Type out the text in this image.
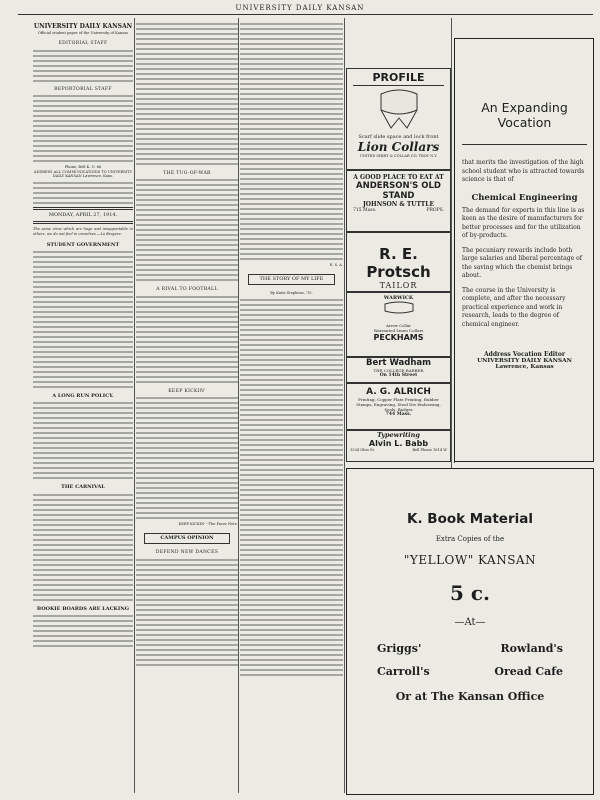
UNIVERSITY DAILY KANSAN
UNIVERSITY DAILY KANSAN
Official student paper of the University of Kansas
EDITORIAL STAFF
REPORTORIAL STAFF
Phone, Bell K. U. 66
ADDRESS ALL COMMUNICATIONS TO UNIVERSITY DAILY KANSAN Lawrence, Kans.
MONDAY, APRIL 27, 1914.
The same virus which are huge and insupportable in others, we do not feel in ourselves.—La Bruyere.
STUDENT GOVERNMENT
A LONG RUN POLICY.
THE CARNIVAL
BOOKIE BOARDS ARE LACKING
THE TUG-OF-WAR
A RIVAL TO FOOTBALL
KEEP KICKIN'
KEEP KICKIN' --The Pacer Note.
CAMPUS OPINION
DEFEND NEW DANCES
E. S. A.
THE STORY OF MY LIFE
By Katie Stephens, '15.
PROFILE
Scarf slide space and lock front
Lion Collars
UNITED SHIRT & COLLAR CO. TROY N.Y.
A GOOD PLACE TO EAT AT
ANDERSON'S OLD STAND
JOHNSON & TUTTLE
715 Mass.	PROPS.
R. E. Protsch
TAILOR
WARWICK
Arrow Collar
Warranted Linen Collars
PECKHAMS
Bert Wadham
THE COLLEGE BARBER
On 14th Street
A. G. ALRICH
Printing, Copper Plate Printing, Rubber Stamps, Engraving, Steel Die Embossing, Seals, Badges
744 Mass.
Typewriting
Alvin L. Babb
1334 Ohio St.	Bell Phone 1614 W
An Expanding Vocation
that merits the investigation of the high school student who is attracted towards science is that of
Chemical Engineering
The demand for experts in this line is as keen as the desire of manufacturers for better processes and for the utilization of by-products.
The pecuniary rewards include both large salaries and liberal percentage of the saving which the chemist brings about.
The course in the University is complete, and after the necessary practical experience and work in research, leads to the degree of chemical engineer.
Address Vocation Editor
UNIVERSITY DAILY KANSAN
Lawrence, Kansas
K. Book Material
Extra Copies of the
"YELLOW" KANSAN
5 c.
—At—
Griggs'	Rowland's
Carroll's	Oread Cafe
Or at The Kansan Office
